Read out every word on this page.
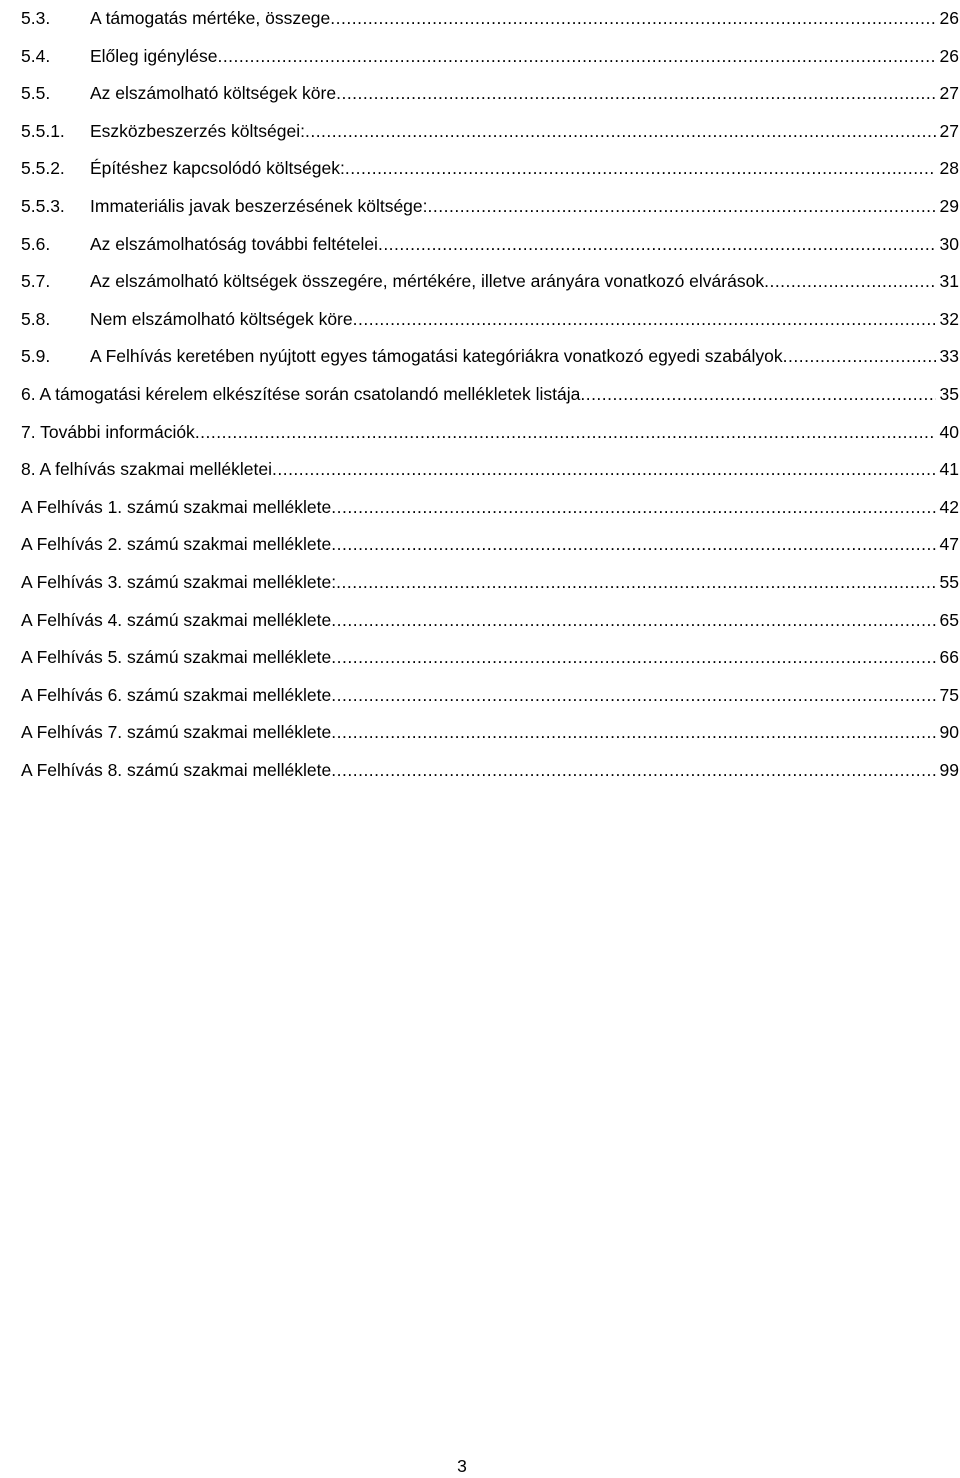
5.3. A támogatás mértéke, összege .....	26
5.4. Előleg igénylése .....	26
5.5. Az elszámolható költségek köre .....	27
5.5.1. Eszközbeszerzés költségei: .....	27
5.5.2. Építéshez kapcsolódó költségek: .....	28
5.5.3. Immateriális javak beszerzésének költsége: .....	29
5.6. Az elszámolhatóság további feltételei .....	30
5.7. Az elszámolható költségek összegére, mértékére, illetve arányára vonatkozó elvárások .....	31
5.8. Nem elszámolható költségek köre .....	32
5.9. A Felhívás keretében nyújtott egyes támogatási kategóriákra vonatkozó egyedi szabályok .....	33
6. A támogatási kérelem elkészítése során csatolandó mellékletek listája .....	35
7. További információk .....	40
8. A felhívás szakmai mellékletei .....	41
A Felhívás 1. számú szakmai melléklete .....	42
A Felhívás 2. számú szakmai melléklete .....	47
A Felhívás 3. számú szakmai melléklete: .....	55
A Felhívás 4. számú szakmai melléklete .....	65
A Felhívás 5. számú szakmai melléklete .....	66
A Felhívás 6. számú szakmai melléklete .....	75
A Felhívás 7. számú szakmai melléklete .....	90
A Felhívás 8. számú szakmai melléklete .....	99
3
